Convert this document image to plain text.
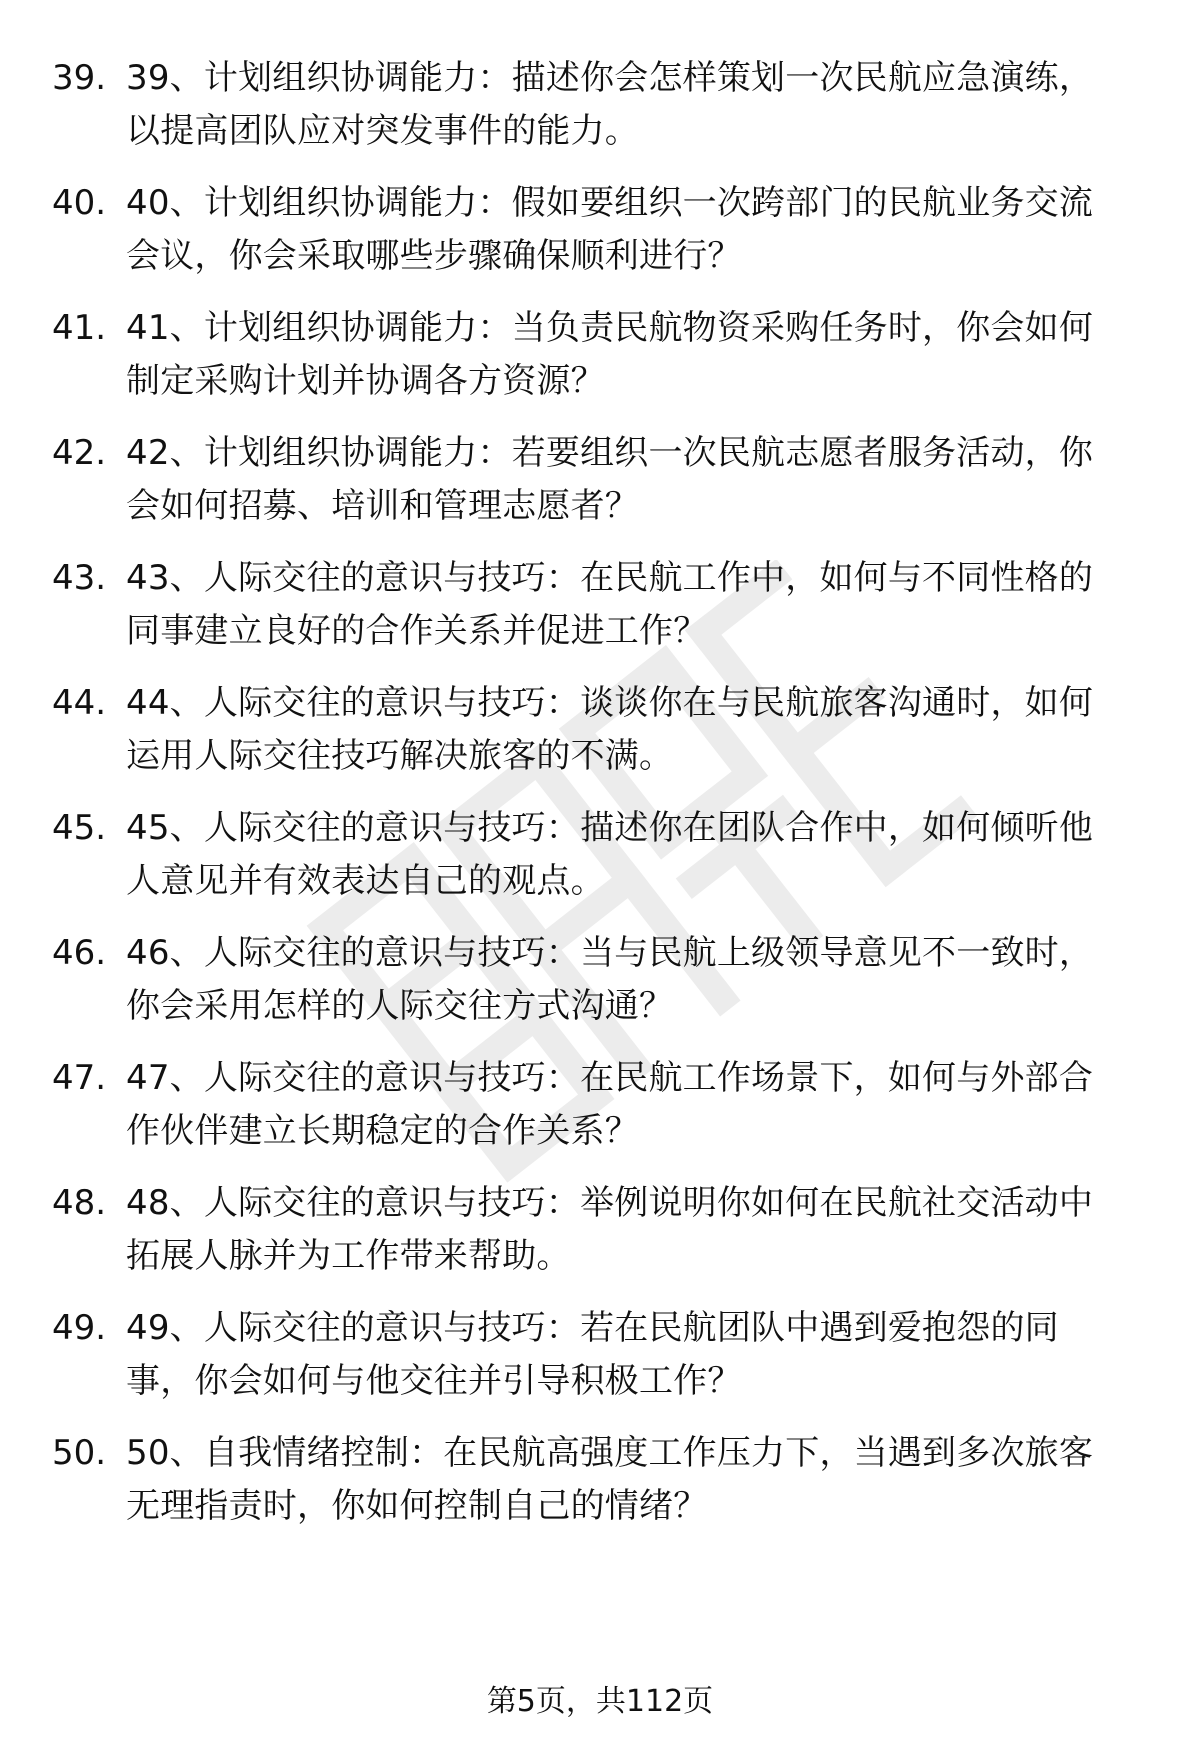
39. 39、计划组织协调能力：描述你会怎样策划一次民航应急演练，
以提高团队应对突发事件的能力。
40. 40、计划组织协调能力：假如要组织一次跨部门的民航业务交流
会议，你会采取哪些步骤确保顺利进行？
41. 41、计划组织协调能力：当负责民航物资采购任务时，你会如何
制定采购计划并协调各方资源？
42. 42、计划组织协调能力：若要组织一次民航志愿者服务活动，你
会如何招募、培训和管理志愿者？
43. 43、人际交往的意识与技巧：在民航工作中，如何与不同性格的
同事建立良好的合作关系并促进工作？
44. 44、人际交往的意识与技巧：谈谈你在与民航旅客沟通时，如何
运用人际交往技巧解决旅客的不满。
45. 45、人际交往的意识与技巧：描述你在团队合作中，如何倾听他
人意见并有效表达自己的观点。
46. 46、人际交往的意识与技巧：当与民航上级领导意见不一致时，
你会采用怎样的人际交往方式沟通？
47. 47、人际交往的意识与技巧：在民航工作场景下，如何与外部合
作伙伴建立长期稳定的合作关系？
48. 48、人际交往的意识与技巧：举例说明你如何在民航社交活动中
拓展人脉并为工作带来帮助。
49. 49、人际交往的意识与技巧：若在民航团队中遇到爱抱怨的同
事，你会如何与他交往并引导积极工作？
50. 50、自我情绪控制：在民航高强度工作压力下，当遇到多次旅客
无理指责时，你如何控制自己的情绪？
第5页，共112页
